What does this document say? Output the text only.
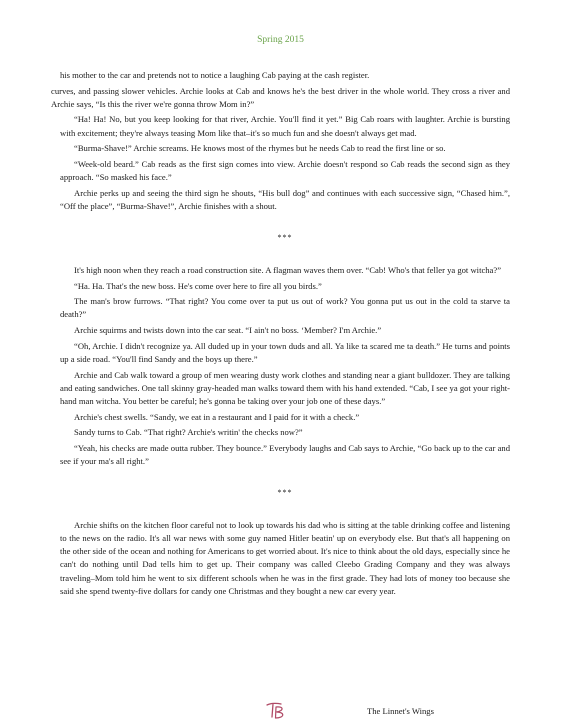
Spring 2015

his mother to the car and pretends not to notice a laughing Cab paying at the cash register.

curves, and passing slower vehicles. Archie looks at Cab and knows he's the best driver in the whole world. They cross a river and Archie says, “Is this the river we're gonna throw Mom in?”

“Ha! Ha! No, but you keep looking for that river, Archie. You'll find it yet.” Big Cab roars with laughter. Archie is bursting with excitement; they're always teasing Mom like that–it's so much fun and she doesn't always get mad.

“Burma-Shave!” Archie screams. He knows most of the rhymes but he needs Cab to read the first line or so.

“Week-old beard.” Cab reads as the first sign comes into view. Archie doesn't respond so Cab reads the second sign as they approach. “So masked his face.”

Archie perks up and seeing the third sign he shouts, “His bull dog” and continues with each successive sign, “Chased him.”, “Off the place”, “Burma-Shave!”, Archie finishes with a shout.

***

It's high noon when they reach a road construction site. A flagman waves them over. “Cab! Who's that feller ya got witcha?”

“Ha. Ha. That's the new boss. He's come over here to fire all you birds.”

The man's brow furrows. “That right? You come over ta put us out of work? You gonna put us out in the cold ta starve ta death?”

Archie squirms and twists down into the car seat. “I ain't no boss. ‘Member? I'm Archie.”

“Oh, Archie. I didn't recognize ya. All duded up in your town duds and all. Ya like ta scared me ta death.” He turns and points up a side road. “You'll find Sandy and the boys up there.”

Archie and Cab walk toward a group of men wearing dusty work clothes and standing near a giant bulldozer. They are talking and eating sandwiches. One tall skinny gray-headed man walks toward them with his hand extended. “Cab, I see ya got your right-hand man witcha. You better be careful; he's gonna be taking over your job one of these days.”

Archie's chest swells. “Sandy, we eat in a restaurant and I paid for it with a check.”

Sandy turns to Cab. “That right? Archie's writin' the checks now?”

“Yeah, his checks are made outta rubber. They bounce.” Everybody laughs and Cab says to Archie, “Go back up to the car and see if your ma's all right.”

***

Archie shifts on the kitchen floor careful not to look up towards his dad who is sitting at the table drinking coffee and listening to the news on the radio. It's all war news with some guy named Hitler beatin' up on everybody else. But that's all happening on the other side of the ocean and nothing for Americans to get worried about. It's nice to think about the old days, especially since he can't do nothing until Dad tells him to get up. Their company was called Cleebo Grading Company and they was always traveling–Mom told him he went to six different schools when he was in the first grade. They had lots of money too because she said she spend twenty-five dollars for candy one Christmas and they bought a new car every year.

The Linnet's Wings
